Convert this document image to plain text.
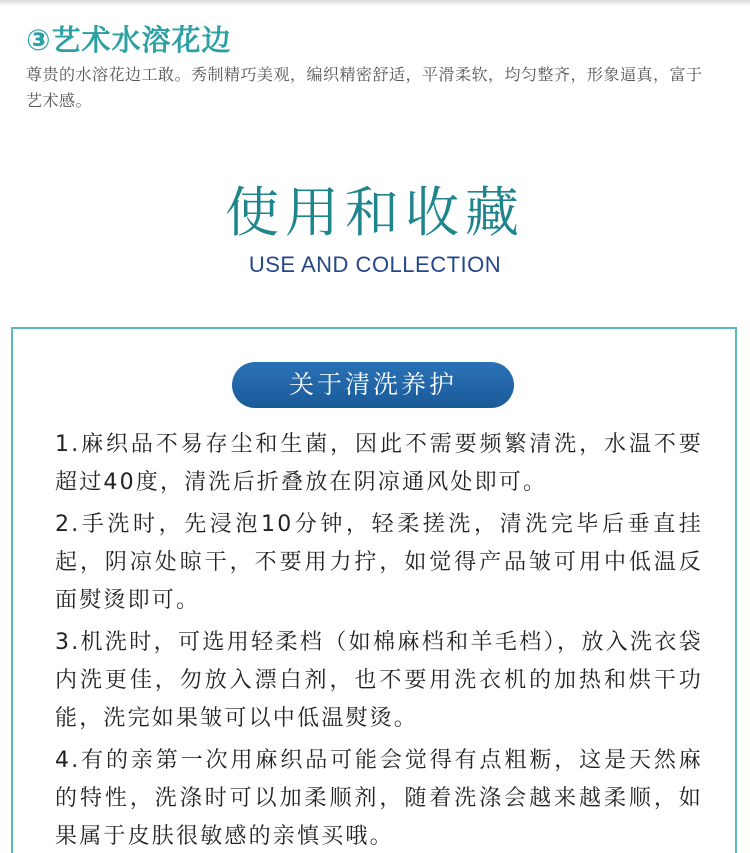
③艺术水溶花边
尊贵的水溶花边工敢。秀制精巧美观，编织精密舒适，平滑柔软，均匀整齐，形象逼真，富于艺术感。
使用和收藏
USE AND COLLECTION
关于清洗养护
1.麻织品不易存尘和生菌，因此不需要频繁清洗，水温不要超过40度，清洗后折叠放在阴凉通风处即可。
2.手洗时，先浸泡10分钟，轻柔搓洗，清洗完毕后垂直挂起，阴凉处晾干，不要用力拧，如觉得产品皱可用中低温反面熨烫即可。
3.机洗时，可选用轻柔档（如棉麻档和羊毛档），放入洗衣袋内洗更佳，勿放入漂白剂，也不要用洗衣机的加热和烘干功能，洗完如果皱可以中低温熨烫。
4.有的亲第一次用麻织品可能会觉得有点粗粝，这是天然麻的特性，洗涤时可以加柔顺剂，随着洗涤会越来越柔顺，如果属于皮肤很敏感的亲慎买哦。
